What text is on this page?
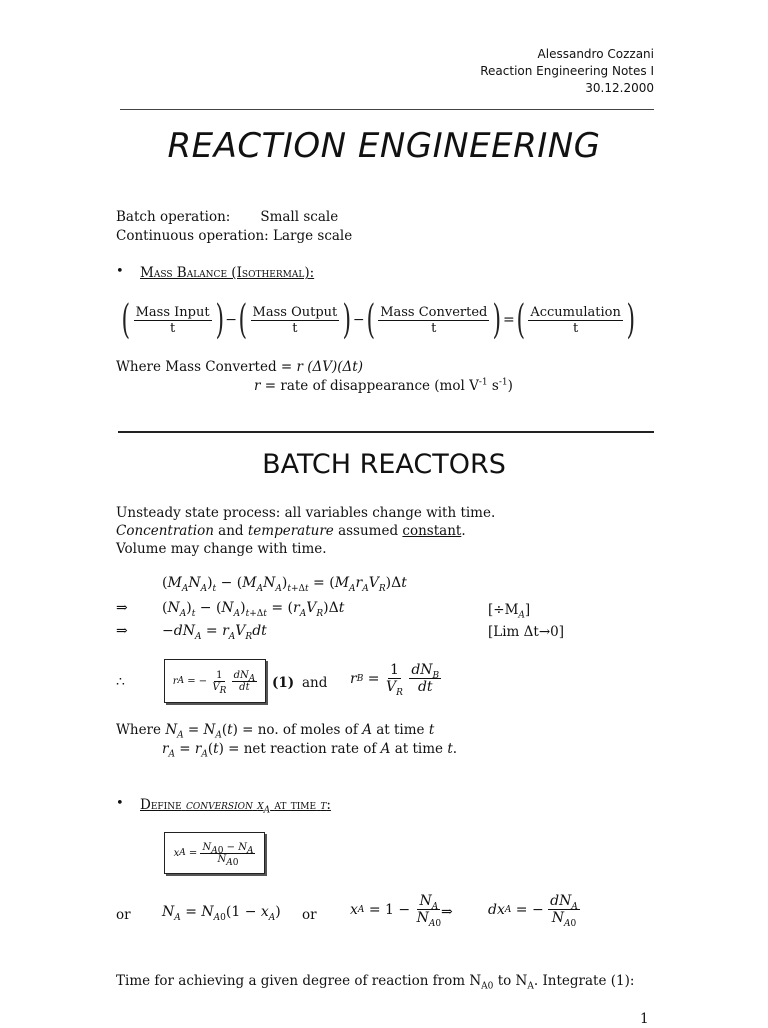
Alessandro Cozzani
Reaction Engineering Notes I
30.12.2000
REACTION ENGINEERING
Batch operation: Small scale
Continuous operation: Large scale
• Mass Balance (Isothermal):
( $\frac{\text{Mass Input}}{t}$ ) − ( $\frac{\text{Mass Output}}{t}$ ) − ( $\frac{\text{Mass Converted}}{t}$ ) = ( $\frac{\text{Accumulation}}{t}$ )
Where Mass Converted = r (ΔV)(Δt)
r = rate of disappearance (mol $V^{-1}$ $s^{-1}$)
BATCH REACTORS
Unsteady state process: all variables change with time.
Concentration and temperature assumed constant.
Volume may change with time.
$(M_AN_A)_t - (M_AN_A)_{t+\Delta t} = (M_Ar_AV_R)\Delta t$
⇒ $(N_A)_t - (N_A)_{t+\Delta t} = (r_AV_R)\Delta t$	$[\div M_A]$
⇒ $-dN_A = r_AV_Rdt$	[Lim Δt→0]
∴	r A = − $\frac{1}{V_R}$
$\frac{dN_A}{dt} (1)$ and r $B = \frac{1}{V_R}$
$\frac{dN_B}{dt}$
Where $N_A = N_A(t)$ = no. of moles of A at time t
$r_A = r_A(t)$ = net reaction rate of A at time t.
• Define conversion $x_A$ at time t:
x $A = \frac{N_{A0} - N_A}{N_{A0}}$
or $N_A = N_{A0}(1 - x_A)$ or x $A = 1 - \frac{N_A}{N_{A0}}$
⇒	dx A = − $\frac{dN_A}{N_{A0}}$
Time for achieving a given degree of reaction from $N_{A0}$ to $N_A$. Integrate (1):
1
